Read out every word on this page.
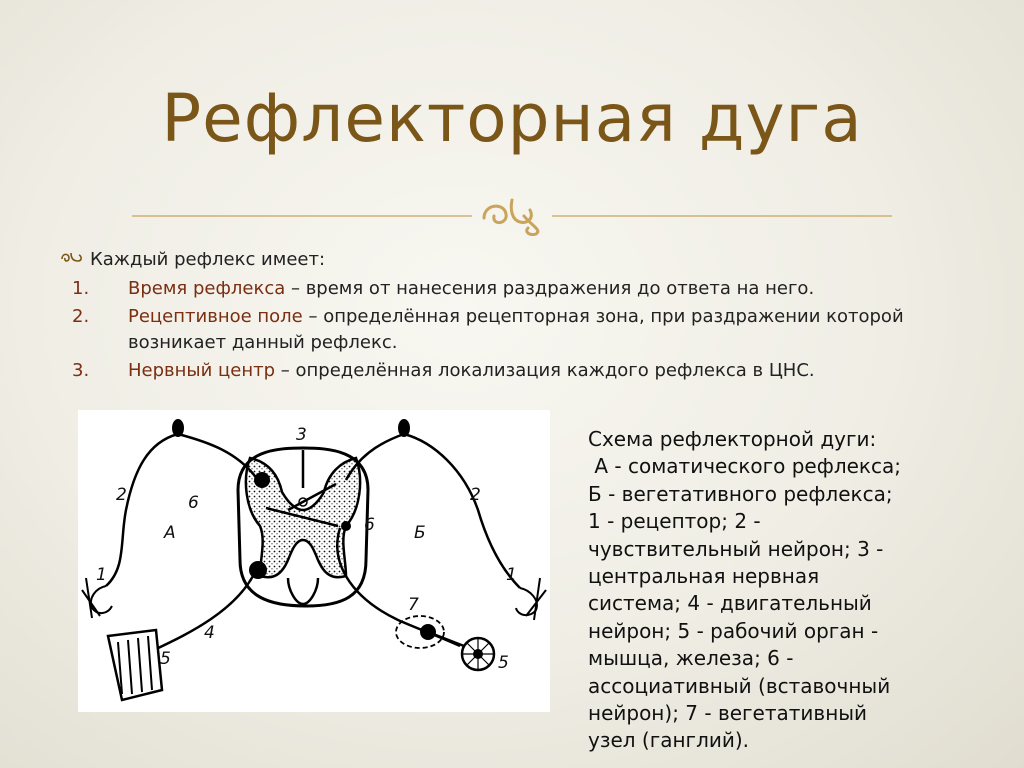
Рефлекторная дуга
Каждый рефлекс имеет:
1.	Время рефлекса – время от нанесения раздражения до ответа на него.
2.	Рецептивное поле – определённая рецепторная зона, при раздражении которой возникает данный рефлекс.
3.	Нервный центр – определённая локализация каждого рефлекса в ЦНС.
3
2	2
6
6
А	Б
1	1
7
4
5	5
Схема рефлекторной дуги:
А - соматического рефлекса;
Б - вегетативного рефлекса;
1 - рецептор; 2 -
чувствительный нейрон; 3 -
центральная нервная
система; 4 - двигательный
нейрон; 5 - рабочий орган -
мышца, железа; 6 -
ассоциативный (вставочный
нейрон); 7 - вегетативный
узел (ганглий).
